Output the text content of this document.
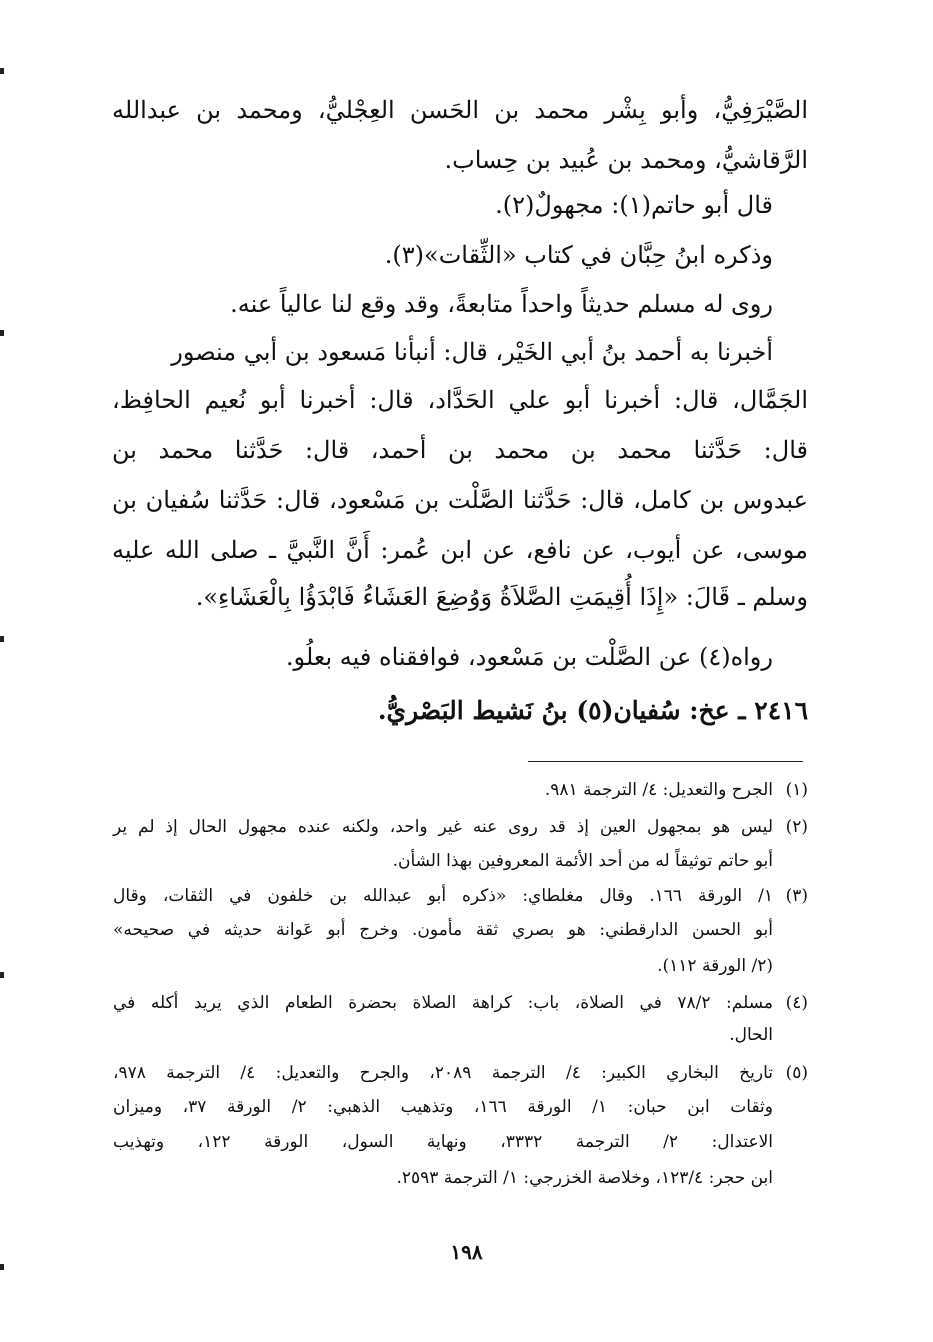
الصَّيْرَفِيُّ، وأبو بِشْر محمد بن الحَسن العِجْليُّ، ومحمد بن عبدالله
الرَّقاشيُّ، ومحمد بن عُبيد بن حِساب.
قال أبو حاتم(١): مجهولٌ(٢).
وذكره ابنُ حِبَّان في كتاب «الثِّقات»(٣).
روى له مسلم حديثاً واحداً متابعةً، وقد وقع لنا عالياً عنه.
أخبرنا به أحمد بنُ أبي الخَيْر، قال: أنبأنا مَسعود بن أبي منصور
الجَمَّال، قال: أخبرنا أبو علي الحَدَّاد، قال: أخبرنا أبو نُعيم الحافِظ،
قال: حَدَّثنا محمد بن محمد بن أحمد، قال: حَدَّثنا محمد بن
عبدوس بن كامل، قال: حَدَّثنا الصَّلْت بن مَسْعود، قال: حَدَّثنا سُفيان بن
موسى، عن أيوب، عن نافع، عن ابن عُمر: أَنَّ النَّبيَّ ـ صلى الله عليه
وسلم ـ قَالَ: «إِذَا أُقِيمَتِ الصَّلاَةُ وَوُضِعَ العَشَاءُ فَابْدَؤُا بِالْعَشَاءِ».
رواه(٤) عن الصَّلْت بن مَسْعود، فوافقناه فيه بعلُو.
٢٤١٦ ـ عخ: سُفيان(٥) بنُ نَشيط البَصْريُّ.
(١)
الجرح والتعديل: ٤/ الترجمة ٩٨١.
(٢)
ليس هو بمجهول العين إذ قد روى عنه غير واحد، ولكنه عنده مجهول الحال إذ لم ير
أبو حاتم توثيقاً له من أحد الأئمة المعروفين بهذا الشأن.
(٣)
١/ الورقة ١٦٦. وقال مغلطاي: «ذكره أبو عبدالله بن خلفون في الثقات، وقال
أبو الحسن الدارقطني: هو بصري ثقة مأمون. وخرج أبو عَوانة حديثه في صحيحه»
(٢/ الورقة ١١٢).
(٤)
مسلم: ٧٨/٢ في الصلاة، باب: كراهة الصلاة بحضرة الطعام الذي يريد أكله في
الحال.
(٥)
تاريخ البخاري الكبير: ٤/ الترجمة ٢٠٨٩، والجرح والتعديل: ٤/ الترجمة ٩٧٨،
وثقات ابن حبان: ١/ الورقة ١٦٦، وتذهيب الذهبي: ٢/ الورقة ٣٧، وميزان
الاعتدال: ٢/ الترجمة ٣٣٣٢، ونهاية السول، الورقة ١٢٢، وتهذيب
ابن حجر: ١٢٣/٤، وخلاصة الخزرجي: ١/ الترجمة ٢٥٩٣.
١٩٨
